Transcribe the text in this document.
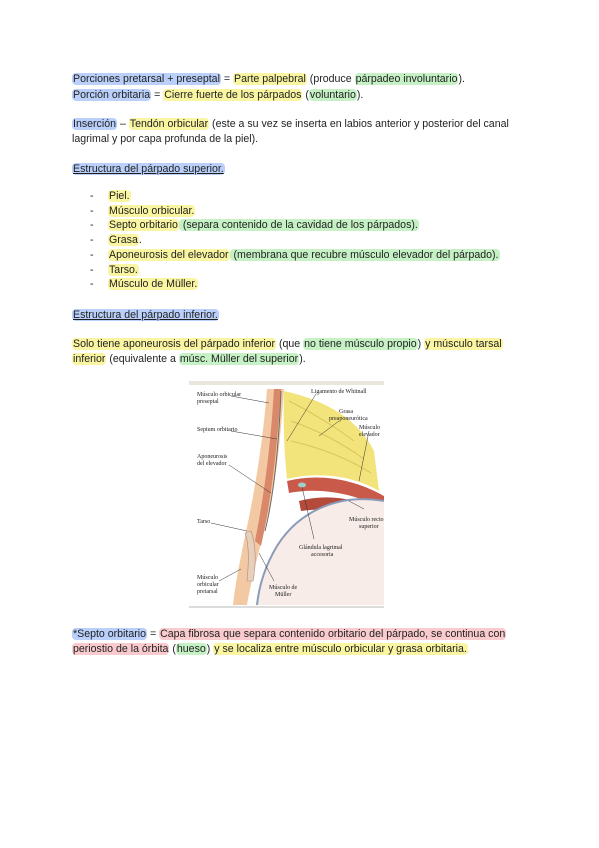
Porciones pretarsal + preseptal = Parte palpebral (produce párpadeo involuntario).
Porción orbitaria = Cierre fuerte de los párpados (voluntario).
Inserción – Tendón orbicular (este a su vez se inserta en labios anterior y posterior del canal
lagrimal y por capa profunda de la piel).
Estructura del párpado superior.
- Piel.
- Músculo orbicular.
- Septo orbitario (separa contenido de la cavidad de los párpados).
- Grasa.
- Aponeurosis del elevador (membrana que recubre músculo elevador del párpado).
- Tarso.
- Músculo de Müller.
Estructura del párpado inferior.
Solo tiene aponeurosis del párpado inferior (que no tiene músculo propio) y músculo tarsal
inferior (equivalente a músc. Müller del superior).
Músculo orbicular
preseptal
Septum orbitario
Aponeurosis
del elevador
Tarso
Músculo
orbicular
pretarsal
Músculo de
Müller
Ligamento de Whitnall
Grasa
preaponeurótica
Músculo
elevador
Músculo recto
superior
Glándula lagrimal
accesoria
*Septo orbitario = Capa fibrosa que separa contenido orbitario del párpado, se continua con
periostio de la órbita (hueso) y se localiza entre músculo orbicular y grasa orbitaria.
